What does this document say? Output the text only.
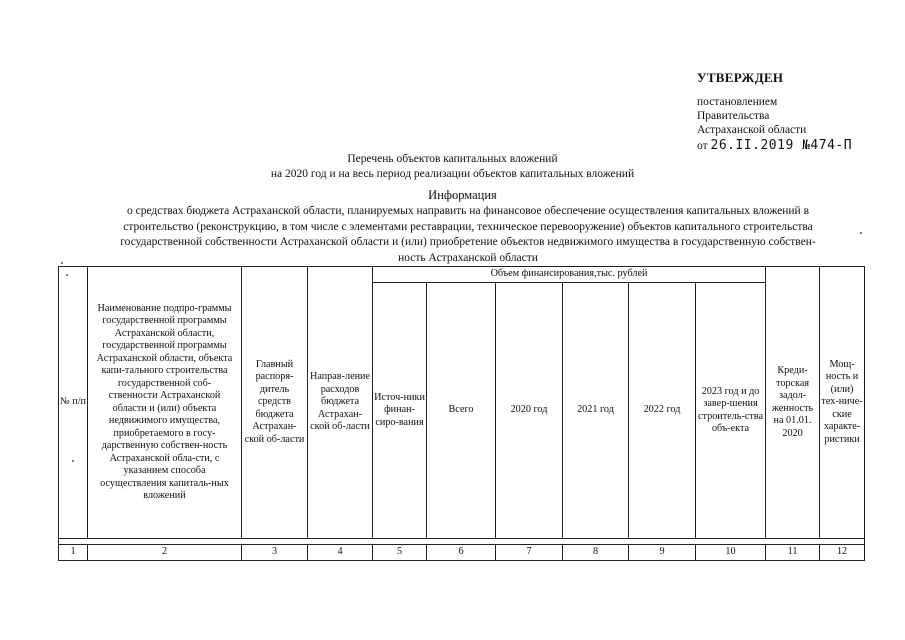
УТВЕРЖДЕН
постановлением
Правительства
Астраханской области
от 26.II.2019 №474-П
Перечень объектов капитальных вложений
на 2020 год и на весь период реализации объектов капитальных вложений
Информация
о средствах бюджета Астраханской области, планируемых направить на финансовое обеспечение осуществления капитальных вложений в
строительство (реконструкцию, в том числе с элементами реставрации, техническое перевооружение) объектов капитального строительства
государственной собственности Астраханской области и (или) приобретение объектов недвижимого имущества в государственную собствен-
ность Астраханской области
№ п/п	Наименование подпро-граммы государственной программы Астраханской области, государственной программы Астраханской области, объекта капи-тального строительства государственной соб-ственности Астраханской области и (или) объекта недвижимого имущества, приобретаемого в госу-дарственную собствен-ность Астраханской обла-сти, с указанием способа осуществления капиталь-ных вложений	Главный распоря-дитель средств бюджета Астрахан-ской об-ласти	Направ-ление расходов бюджета Астрахан-ской об-ласти	Объем финансирования,тыс. рублей						Креди-торская задол-женность на 01.01. 2020	Мощ-ность и (или) тех-ниче-ские характе-ристики
				Источ-ники финан-сиро-вания	Всего	2020 год	2021 год	2022 год	2023 год и до завер-шения строитель-ства объ-екта		

1	2	3	4	5	6	7	8	9	10	11	12
